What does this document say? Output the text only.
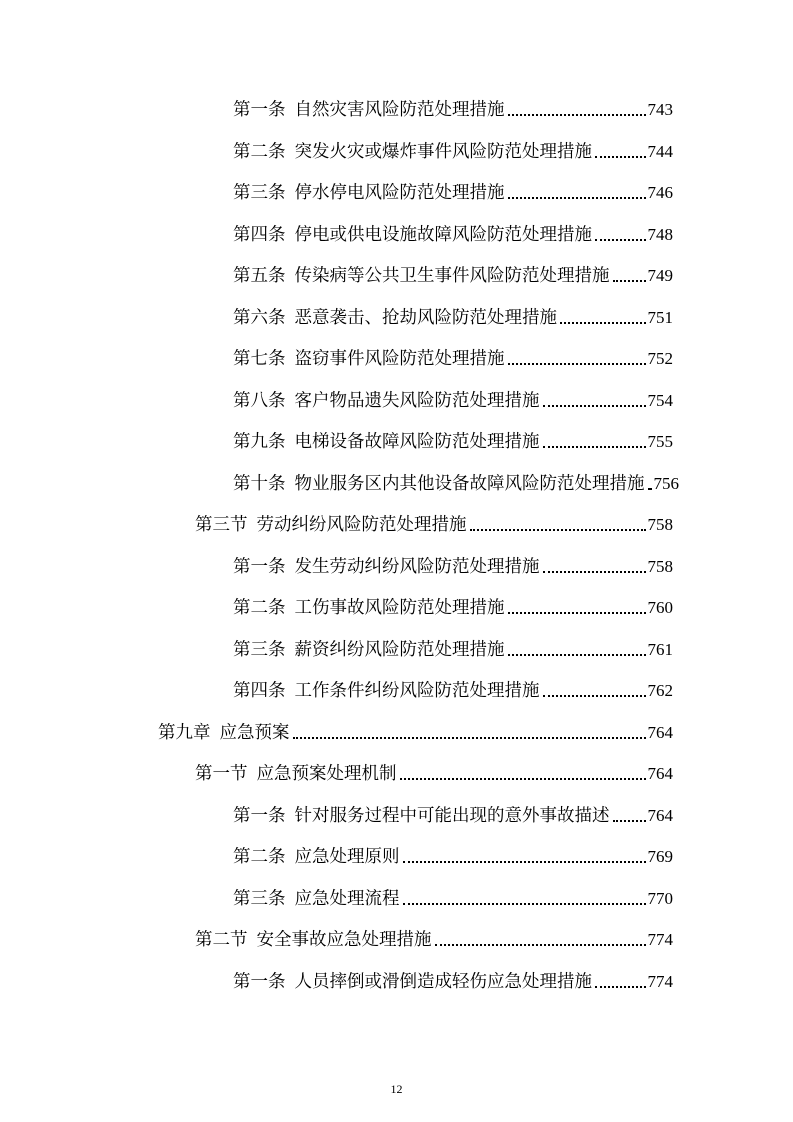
第一条 自然灾害风险防范处理措施	743
第二条 突发火灾或爆炸事件风险防范处理措施	744
第三条 停水停电风险防范处理措施	746
第四条 停电或供电设施故障风险防范处理措施	748
第五条 传染病等公共卫生事件风险防范处理措施 749
第六条 恶意袭击、抢劫风险防范处理措施	751
第七条 盗窃事件风险防范处理措施	752
第八条 客户物品遗失风险防范处理措施	754
第九条 电梯设备故障风险防范处理措施	755
第十条 物业服务区内其他设备故障风险防范处理措施 756
第三节 劳动纠纷风险防范处理措施	758
第一条 发生劳动纠纷风险防范处理措施	758
第二条 工伤事故风险防范处理措施	760
第三条 薪资纠纷风险防范处理措施	761
第四条 工作条件纠纷风险防范处理措施	762
第九章 应急预案	764
第一节 应急预案处理机制	764
第一条 针对服务过程中可能出现的意外事故描述 764
第二条 应急处理原则	769
第三条 应急处理流程	770
第二节 安全事故应急处理措施	774
第一条 人员摔倒或滑倒造成轻伤应急处理措施	774
12
